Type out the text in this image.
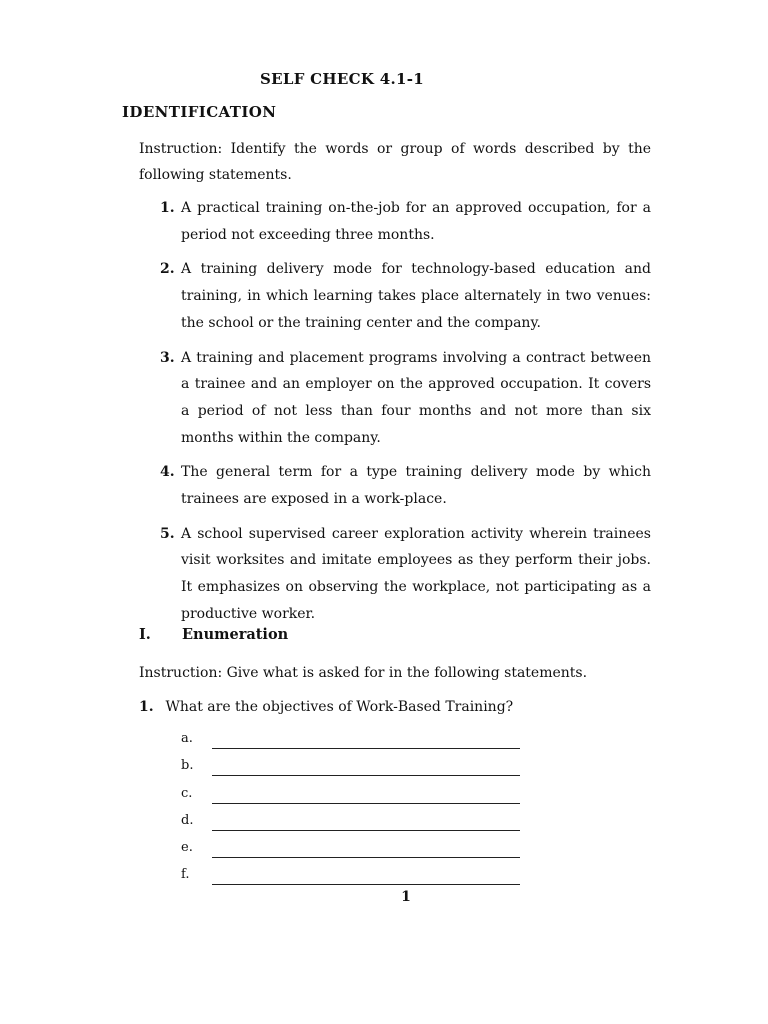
SELF CHECK 4.1-1
IDENTIFICATION

Instruction: Identify the words or group of words described by the following statements.

1. A practical training on-the-job for an approved occupation, for a period not exceeding three months.
2. A training delivery mode for technology-based education and training, in which learning takes place alternately in two venues: the school or the training center and the company.
3. A training and placement programs involving a contract between a trainee and an employer on the approved occupation. It covers a period of not less than four months and not more than six months within the company.
4. The general term for a type training delivery mode by which trainees are exposed in a work-place.
5. A school supervised career exploration activity wherein trainees visit worksites and imitate employees as they perform their jobs. It emphasizes on observing the workplace, not participating as a productive worker.
I. Enumeration

Instruction: Give what is asked for in the following statements.

1. What are the objectives of Work-Based Training?

a.
b.
c.
d.
e.
f.

1
